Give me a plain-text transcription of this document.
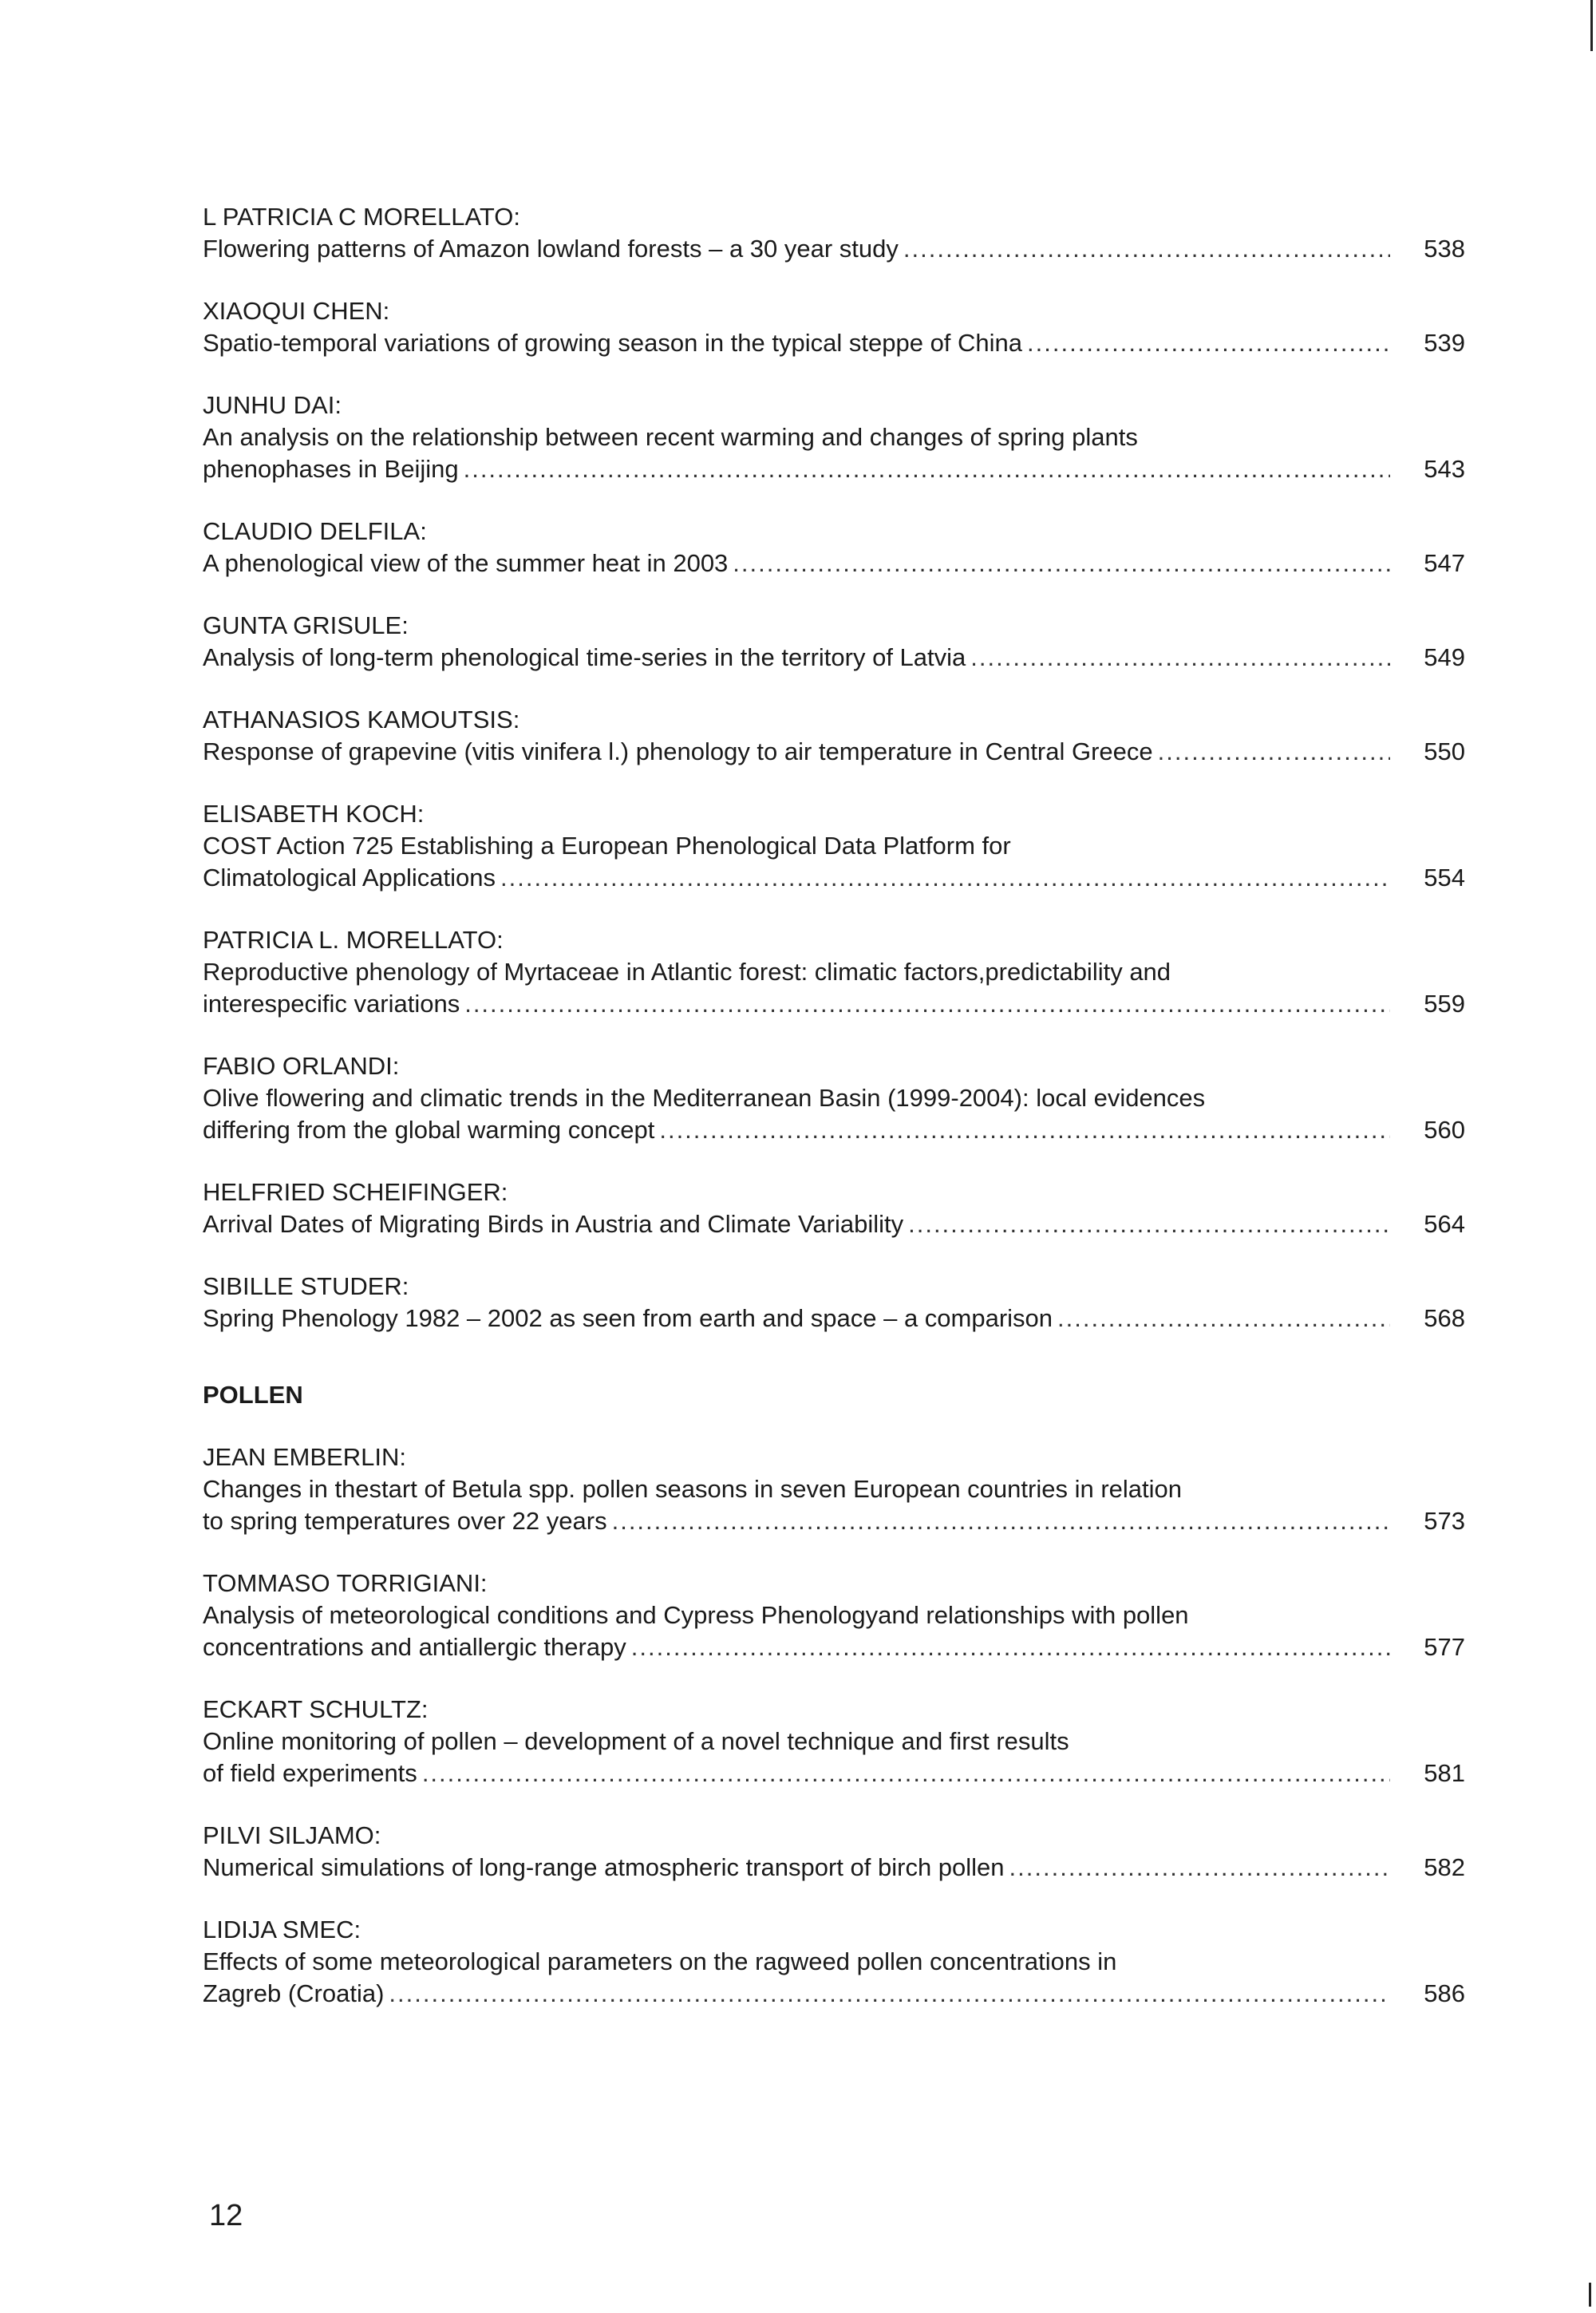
L PATRICIA C MORELLATO:
Flowering patterns of Amazon lowland forests – a 30 year study .....	538
XIAOQUI CHEN:
Spatio-temporal variations of growing season in the typical steppe of China .....	539
JUNHU DAI:
An analysis on the relationship between recent warming and changes of spring plants
phenophases in Beijing .....	543
CLAUDIO DELFILA:
A phenological view of the summer heat in 2003 .....	547
GUNTA GRISULE:
Analysis of long-term phenological time-series in the territory of Latvia .....	549
ATHANASIOS KAMOUTSIS:
Response of grapevine (vitis vinifera l.) phenology to air temperature in Central Greece .....	550
ELISABETH KOCH:
COST Action 725 Establishing a European Phenological Data Platform for
Climatological Applications .....	554
PATRICIA L. MORELLATO:
Reproductive phenology of Myrtaceae in Atlantic forest: climatic factors,predictability and
interespecific variations .....	559
FABIO ORLANDI:
Olive flowering and climatic trends in the Mediterranean Basin (1999-2004): local evidences
differing from the global warming concept .....	560
HELFRIED SCHEIFINGER:
Arrival Dates of Migrating Birds in Austria and Climate Variability .....	564
SIBILLE STUDER:
Spring Phenology 1982 – 2002 as seen from earth and space – a comparison .....	568
POLLEN
JEAN EMBERLIN:
Changes in thestart of Betula spp. pollen seasons in seven European countries in relation
to spring temperatures over 22 years .....	573
TOMMASO TORRIGIANI:
Analysis of meteorological conditions and Cypress Phenologyand relationships with pollen
concentrations and antiallergic therapy .....	577
ECKART SCHULTZ:
Online monitoring of pollen – development of a novel technique and first results
of field experiments .....	581
PILVI SILJAMO:
Numerical simulations of long-range atmospheric transport of birch pollen .....	582
LIDIJA SMEC:
Effects of some meteorological parameters on the ragweed pollen concentrations in
Zagreb (Croatia) .....	586
12
